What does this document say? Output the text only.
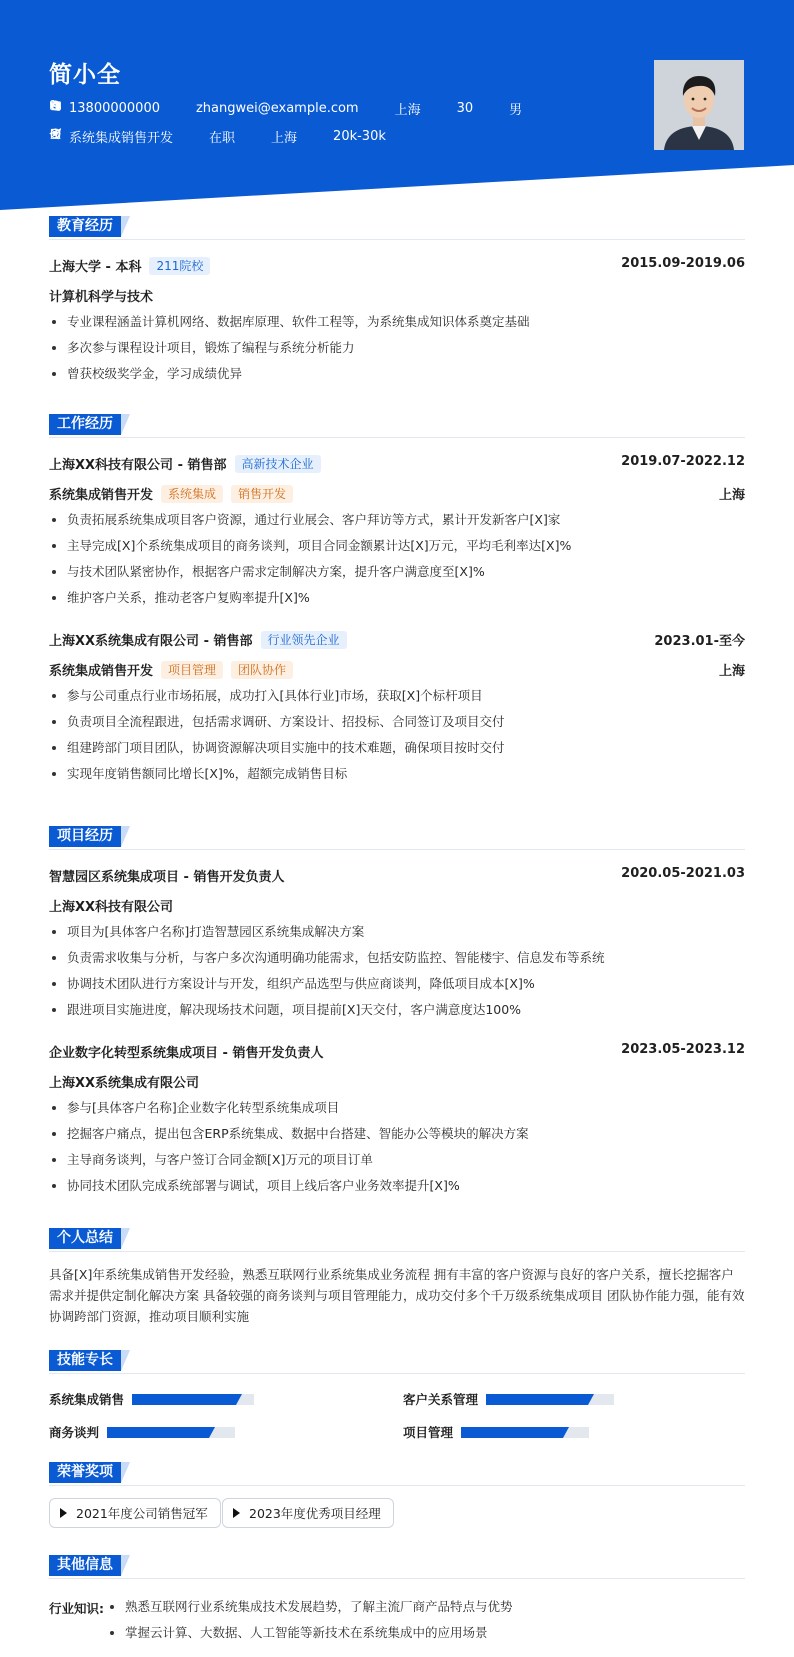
简小全
13800000000	zhangwei@example.com	上海	30	男
系统集成销售开发	在职	上海	20k-30k
教育经历
上海大学 - 本科	211院校	2015.09-2019.06
计算机科学与技术
专业课程涵盖计算机网络、数据库原理、软件工程等，为系统集成知识体系奠定基础
多次参与课程设计项目，锻炼了编程与系统分析能力
曾获校级奖学金，学习成绩优异
工作经历
上海XX科技有限公司 - 销售部	高新技术企业	2019.07-2022.12
系统集成销售开发	系统集成	销售开发	上海
负责拓展系统集成项目客户资源，通过行业展会、客户拜访等方式，累计开发新客户[X]家
主导完成[X]个系统集成项目的商务谈判，项目合同金额累计达[X]万元，平均毛利率达[X]%
与技术团队紧密协作，根据客户需求定制解决方案，提升客户满意度至[X]%
维护客户关系，推动老客户复购率提升[X]%
上海XX系统集成有限公司 - 销售部	行业领先企业	2023.01-至今
系统集成销售开发	项目管理	团队协作	上海
参与公司重点行业市场拓展，成功打入[具体行业]市场，获取[X]个标杆项目
负责项目全流程跟进，包括需求调研、方案设计、招投标、合同签订及项目交付
组建跨部门项目团队，协调资源解决项目实施中的技术难题，确保项目按时交付
实现年度销售额同比增长[X]%，超额完成销售目标
项目经历
智慧园区系统集成项目 - 销售开发负责人	2020.05-2021.03
上海XX科技有限公司
项目为[具体客户名称]打造智慧园区系统集成解决方案
负责需求收集与分析，与客户多次沟通明确功能需求，包括安防监控、智能楼宇、信息发布等系统
协调技术团队进行方案设计与开发，组织产品选型与供应商谈判，降低项目成本[X]%
跟进项目实施进度，解决现场技术问题，项目提前[X]天交付，客户满意度达100%
企业数字化转型系统集成项目 - 销售开发负责人	2023.05-2023.12
上海XX系统集成有限公司
参与[具体客户名称]企业数字化转型系统集成项目
挖掘客户痛点，提出包含ERP系统集成、数据中台搭建、智能办公等模块的解决方案
主导商务谈判，与客户签订合同金额[X]万元的项目订单
协同技术团队完成系统部署与调试，项目上线后客户业务效率提升[X]%
个人总结
具备[X]年系统集成销售开发经验，熟悉互联网行业系统集成业务流程 拥有丰富的客户资源与良好的客户关系，擅长挖掘客户需求并提供定制化解决方案 具备较强的商务谈判与项目管理能力，成功交付多个千万级系统集成项目 团队协作能力强，能有效协调跨部门资源，推动项目顺利实施
技能专长
系统集成销售	客户关系管理
商务谈判	项目管理
荣誉奖项
2021年度公司销售冠军	2023年度优秀项目经理
其他信息
行业知识:	熟悉互联网行业系统集成技术发展趋势，了解主流厂商产品特点与优势
掌握云计算、大数据、人工智能等新技术在系统集成中的应用场景
